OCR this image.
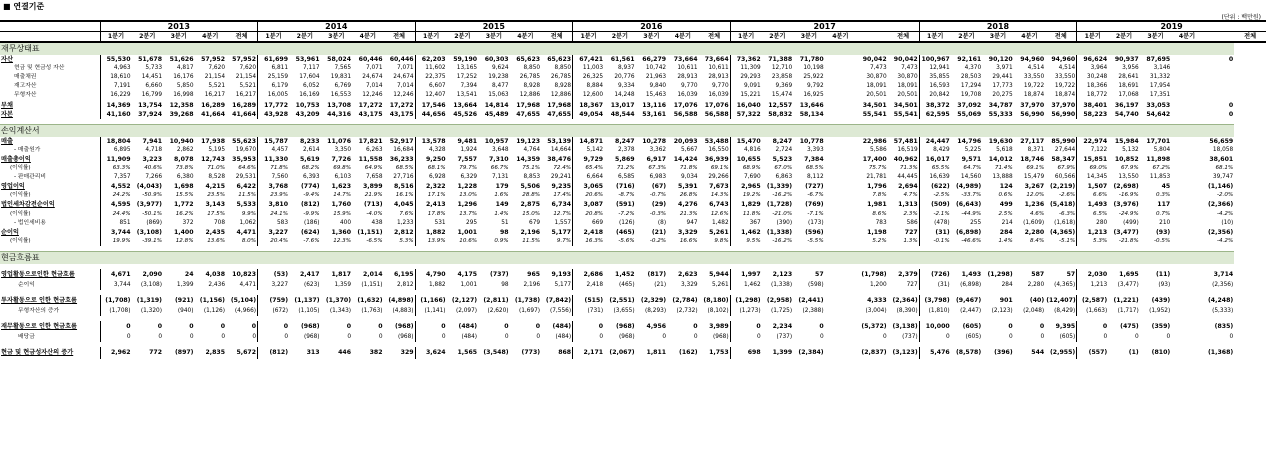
■ 연결기준
(단위 : 백만원)
	2013					2014					2015					2016					2017						2018					2019					
	1분기	2분기	3분기	4분기	전체	1분기	2분기	3분기	4분기	전체	1분기	2분기	3분기	4분기	전체	1분기	2분기	3분기	4분기	전체	1분기	2분기	3분기	4분기		전체	1분기	2분기	3분기	4분기	전체	1분기	2분기	3분기	4분기		전체
재무상태표																																					
자산	55,530	51,678	51,626	57,952	57,952	61,699	53,961	58,024	60,446	60,446	62,203	59,190	60,303	65,623	65,623	67,421	61,561	66,279	73,664	73,664	73,362	71,388	71,780		90,042	90,042	100,967	92,161	90,120	94,960	94,960	96,624	90,937	87,695		0	
현금 및 현금성 자산	4,963	5,733	4,817	7,620	7,620	6,811	7,117	7,565	7,071	7,071	11,602	13,165	9,624	8,850	8,850	11,003	8,937	10,742	10,611	10,611	11,309	12,710	10,198		7,473	7,473	12,941	4,370	3,971	4,514	4,514	3,964	3,956	3,146			
매출채권	18,610	14,451	16,176	21,154	21,154	25,159	17,604	19,831	24,674	24,674	22,375	17,252	19,238	26,785	26,785	26,325	20,776	21,963	28,913	28,913	29,293	23,858	25,922		30,870	30,870	35,855	28,503	29,441	33,550	33,550	30,248	28,641	31,332			
재고자산	7,191	6,660	5,850	5,521	5,521	6,179	6,052	6,769	7,014	7,014	6,607	7,394	8,477	8,928	8,928	8,884	9,334	9,840	9,770	9,770	9,091	9,369	9,792		18,091	18,091	16,593	17,294	17,773	19,722	19,722	18,366	18,691	17,954			
무형자산	16,229	16,799	16,998	16,217	16,217	16,005	16,169	16,553	12,246	12,246	12,407	13,541	15,063	12,886	12,886	12,600	14,248	15,463	16,039	16,039	15,221	15,474	16,925		20,501	20,501	20,842	19,708	20,275	18,874	18,874	18,772	17,068	17,351			
부채	14,369	13,754	12,358	16,289	16,289	17,772	10,753	13,708	17,272	17,272	17,546	13,664	14,814	17,968	17,968	18,367	13,017	13,116	17,076	17,076	16,040	12,557	13,646		34,501	34,501	38,372	37,092	34,787	37,970	37,970	38,401	36,197	33,053		0	
자본	41,160	37,924	39,268	41,664	41,664	43,928	43,209	44,316	43,175	43,175	44,656	45,526	45,489	47,655	47,655	49,054	48,544	53,161	56,588	56,588	57,322	58,832	58,134		55,541	55,541	62,595	55,069	55,333	56,990	56,990	58,223	54,740	54,642		0	

손익계산서																																					
매출	18,804	7,941	10,940	17,938	55,623	15,787	8,233	11,076	17,821	52,917	13,578	9,481	10,957	19,123	53,139	14,871	8,247	10,278	20,093	53,488	15,470	8,247	10,778		22,986	57,481	24,447	14,796	19,630	27,117	85,990	22,974	15,984	17,701		56,659	
- 매출원가	6,895	4,718	2,862	5,195	19,670	4,457	2,614	3,350	6,263	16,684	4,328	1,924	3,648	4,764	14,664	5,142	2,378	3,362	5,667	16,550	4,816	2,724	3,393		5,586	16,519	8,429	5,225	5,618	8,371	27,644	7,122	5,132	5,804		18,058	
매출총이익	11,909	3,223	8,078	12,743	35,953	11,330	5,619	7,726	11,558	36,233	9,250	7,557	7,310	14,359	38,476	9,729	5,869	6,917	14,424	36,939	10,655	5,523	7,384		17,400	40,962	16,017	9,571	14,012	18,746	58,347	15,851	10,852	11,898		38,601	
(이익률)	63.3%	40.6%	73.8%	71.0%	64.6%	71.8%	68.2%	69.8%	64.9%	68.5%	68.1%	79.7%	66.7%	75.1%	72.4%	65.4%	71.2%	67.3%	71.8%	69.1%	68.9%	67.0%	68.5%		75.7%	71.3%	65.5%	64.7%	71.4%	69.1%	67.9%	69.0%	67.9%	67.2%		68.1%	
- 판매관리비	7,357	7,266	6,380	8,528	29,531	7,560	6,393	6,103	7,658	27,716	6,928	6,329	7,131	8,853	29,241	6,664	6,585	6,983	9,034	29,266	7,690	6,863	8,112		21,781	44,445	16,639	14,560	13,888	15,479	60,566	14,345	13,550	11,853		39,747	
영업이익	4,552	(4,043)	1,698	4,215	6,422	3,768	(774)	1,623	3,899	8,516	2,322	1,228	179	5,506	9,235	3,065	(716)	(67)	5,391	7,673	2,965	(1,339)	(727)		1,796	2,694	(622)	(4,989)	124	3,267	(2,219)	1,507	(2,698)	45		(1,146)	
(이익률)	24.2%	-50.9%	15.5%	23.5%	11.5%	23.9%	-9.4%	14.7%	21.9%	16.1%	17.1%	13.0%	1.6%	28.8%	17.4%	20.6%	-8.7%	-0.7%	26.8%	14.3%	19.2%	-16.2%	-6.7%		7.8%	4.7%	-2.5%	-33.7%	0.6%	12.0%	-2.6%	6.6%	-16.9%	0.3%		-2.0%	
법인세차감전순이익	4,595	(3,977)	1,772	3,143	5,533	3,810	(812)	1,760	(713)	4,045	2,413	1,296	149	2,875	6,734	3,087	(591)	(29)	4,276	6,743	1,829	(1,728)	(769)		1,981	1,313	(509)	(6,643)	499	1,236	(5,418)	1,493	(3,976)	117		(2,366)	
(이익률)	24.4%	-50.1%	16.2%	17.5%	9.9%	24.1%	-9.9%	15.9%	-4.0%	7.6%	17.8%	13.7%	1.4%	15.0%	12.7%	20.8%	-7.2%	-0.3%	21.3%	12.6%	11.8%	-21.0%	-7.1%		8.6%	2.3%	-2.1%	-44.9%	2.5%	4.6%	-6.3%	6.5%	-24.9%	0.7%		-4.2%	
- 법인세비용	851	(869)	372	708	1,062	583	(186)	400	438	1,233	531	295	51	679	1,557	669	(126)	(8)	947	1,482	367	(390)	(173)		783	586	(478)	255	214	(1,609)	(1,618)	280	(499)	210		(10)	
순이익	3,744	(3,108)	1,400	2,435	4,471	3,227	(624)	1,360	(1,151)	2,812	1,882	1,001	98	2,196	5,177	2,418	(465)	(21)	3,329	5,261	1,462	(1,338)	(596)		1,198	727	(31)	(6,898)	284	2,280	(4,365)	1,213	(3,477)	(93)		(2,356)	
(이익률)	19.9%	-39.1%	12.8%	13.6%	8.0%	20.4%	-7.6%	12.3%	-6.5%	5.3%	13.9%	10.6%	0.9%	11.5%	9.7%	16.3%	-5.6%	-0.2%	16.6%	9.8%	9.5%	-16.2%	-5.5%		5.2%	1.3%	-0.1%	-46.6%	1.4%	8.4%	-5.1%	5.3%	-21.8%	-0.5%		-4.2%	

현금흐름표																																					

영업활동으로인한 현금흐름	4,671	2,090	24	4,038	10,823	(53)	2,417	1,817	2,014	6,195	4,790	4,175	(737)	965	9,193	2,686	1,452	(817)	2,623	5,944	1,997	2,123	57		(1,798)	2,379	(726)	1,493	(1,298)	587	57	2,030	1,695	(11)		3,714	
순이익	3,744	(3,108)	1,399	2,436	4,471	3,227	(623)	1,359	(1,151)	2,812	1,882	1,001	98	2,196	5,177	2,418	(465)	(21)	3,329	5,261	1,462	(1,338)	(598)		1,200	727	(31)	(6,898)	284	2,280	(4,365)	1,213	(3,477)	(93)		(2,356)	

투자활동으로 인한 현금흐름	(1,708)	(1,319)	(921)	(1,156)	(5,104)	(759)	(1,137)	(1,370)	(1,632)	(4,898)	(1,166)	(2,127)	(2,811)	(1,738)	(7,842)	(515)	(2,551)	(2,329)	(2,784)	(8,180)	(1,298)	(2,958)	(2,441)		4,333	(2,364)	(3,798)	(9,467)	901	(40)	(12,407)	(2,587)	(1,221)	(439)		(4,248)	
무형자산의 증가	(1,708)	(1,320)	(940)	(1,126)	(4,966)	(672)	(1,105)	(1,343)	(1,763)	(4,883)	(1,141)	(2,097)	(2,620)	(1,697)	(7,556)	(731)	(3,655)	(8,293)	(2,732)	(8,102)	(1,273)	(1,725)	(2,388)		(3,004)	(8,390)	(1,810)	(2,447)	(2,123)	(2,048)	(8,429)	(1,663)	(1,717)	(1,952)		(5,333)	

재무활동으로 인한 현금흐름	0	0	0	0	0	0	(968)	0	0	(968)	0	(484)	0	0	(484)	0	(968)	4,956	0	3,989	0	2,234	0		(5,372)	(3,138)	10,000	(605)	0	0	9,395	0	(475)	(359)		(835)	
배당금	0	0	0	0	0	0	(968)	0	0	(968)	0	(484)	0	0	(484)	0	(968)	0	0	(968)	0	(737)	0		0	(737)	0	(605)	0	0	(605)	0	0	0		0	

현금 및 현금성자산의 증가	2,962	772	(897)	2,835	5,672	(812)	313	446	382	329	3,624	1,565	(3,548)	(773)	868	2,171	(2,067)	1,811	(162)	1,753	698	1,399	(2,384)		(2,837)	(3,123)	5,476	(8,578)	(396)	544	(2,955)	(557)	(1)	(810)		(1,368)	
